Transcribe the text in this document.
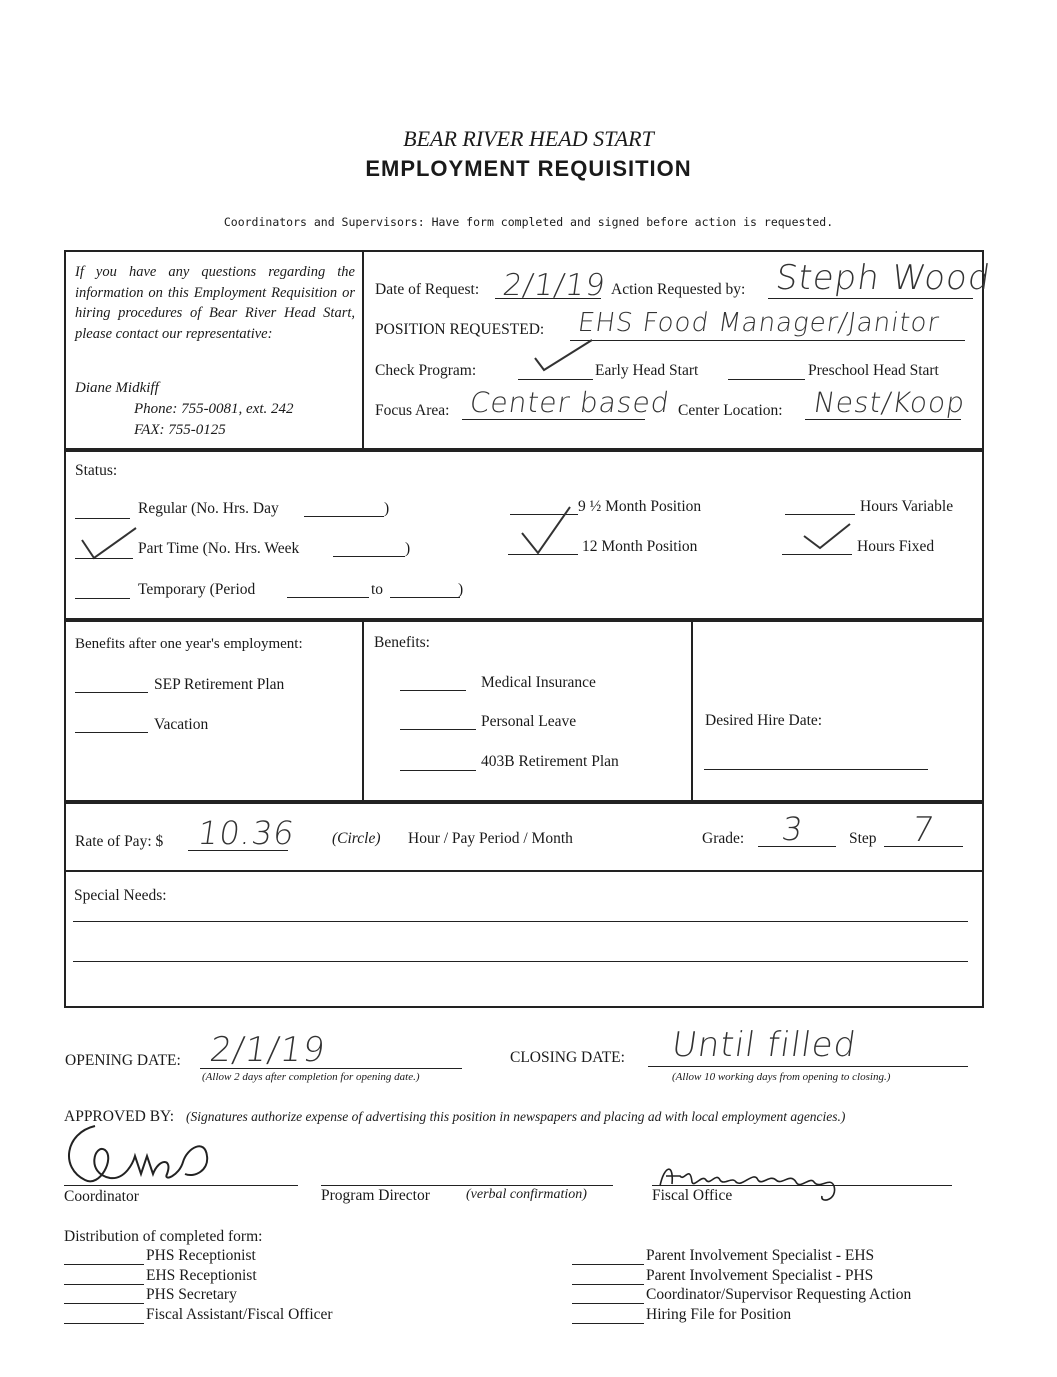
BEAR RIVER HEAD START
EMPLOYMENT REQUISITION
Coordinators and Supervisors: Have form completed and signed before action is requested.
If you have any questions regarding the information on this Employment Requisition or hiring procedures of Bear River Head Start, please contact our representative:
Diane Midkiff
Phone: 755-0081, ext. 242
FAX: 755-0125
Date of Request: 2/1/19 Action Requested by: Steph Wood
POSITION REQUESTED: EHS Food Manager/Janitor
Check Program:	Early Head Start	Preschool Head Start
Focus Area: Center based Center Location: Nest/Koop
Status:
Regular (No. Hrs. Day	)
Part Time (No. Hrs. Week	)
Temporary (Period	to	)
9 ½ Month Position
12 Month Position
Hours Variable
Hours Fixed
Benefits after one year's employment:
SEP Retirement Plan
Vacation
Benefits:
Medical Insurance
Personal Leave
403B Retirement Plan
Desired Hire Date:
Rate of Pay: $ 10.36 (Circle) Hour / Pay Period / Month	Grade: 3	Step 7
Special Needs:
OPENING DATE: 2/1/19
(Allow 2 days after completion for opening date.)
CLOSING DATE: Until filled
(Allow 10 working days from opening to closing.)
APPROVED BY: (Signatures authorize expense of advertising this position in newspapers and placing ad with local employment agencies.)
Coordinator	Program Director	(verbal confirmation)	Fiscal Office
Distribution of completed form:
PHS Receptionist
EHS Receptionist
PHS Secretary
Fiscal Assistant/Fiscal Officer
Parent Involvement Specialist - EHS
Parent Involvement Specialist - PHS
Coordinator/Supervisor Requesting Action
Hiring File for Position
